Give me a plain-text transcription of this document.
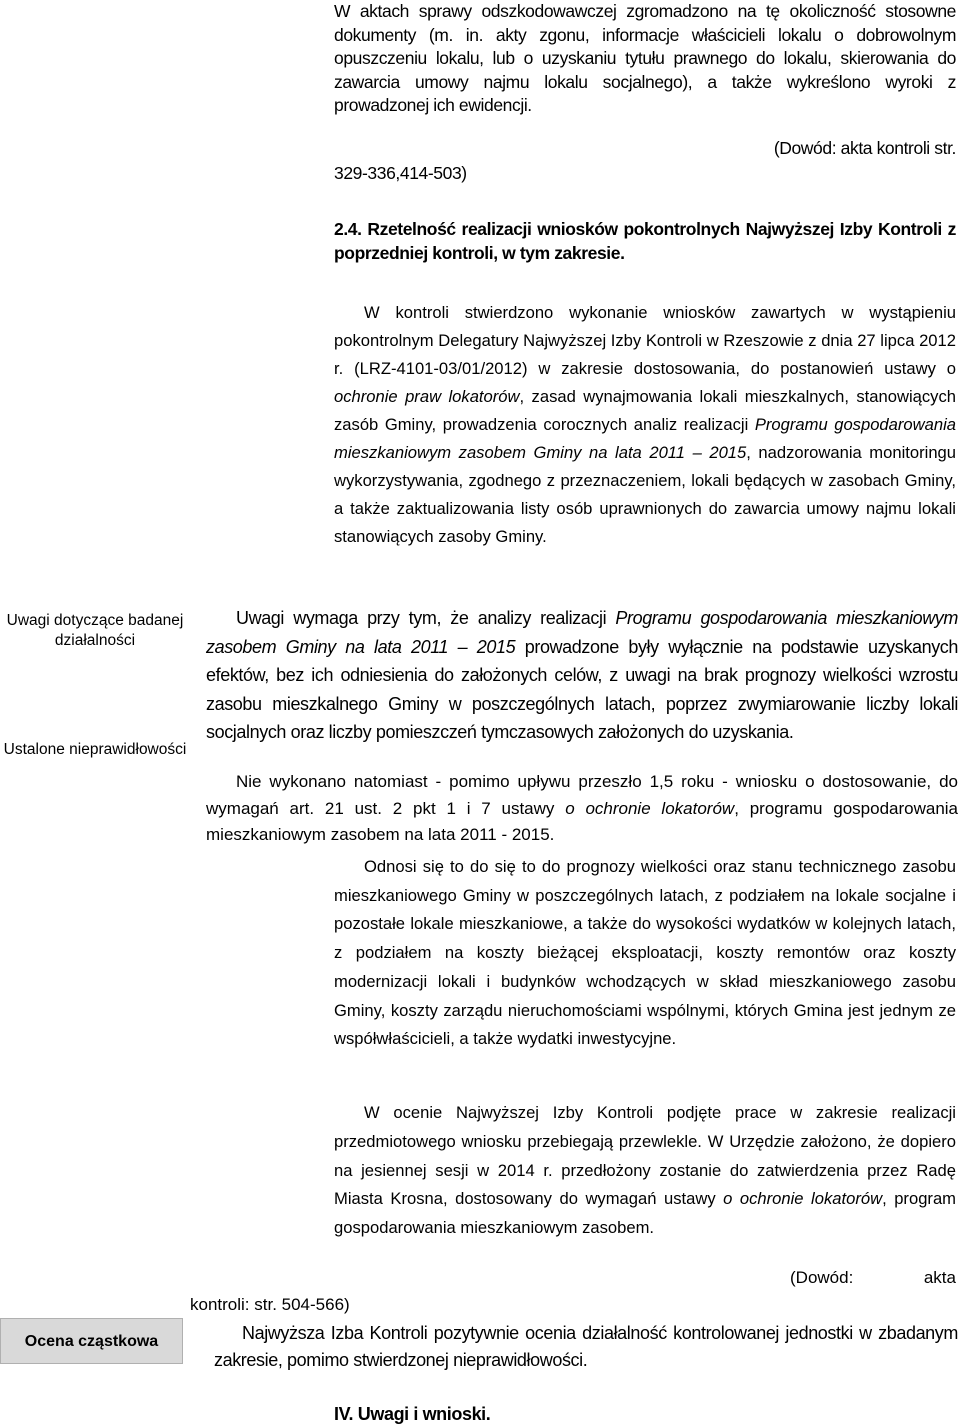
W aktach sprawy odszkodowawczej zgromadzono na tę okoliczność stosowne dokumenty (m. in. akty zgonu, informacje właścicieli lokalu o dobrowolnym opuszczeniu lokalu, lub o uzyskaniu tytułu prawnego do lokalu, skierowania do zawarcia umowy najmu lokalu socjalnego), a także wykreślono wyroki z prowadzonej ich ewidencji.
(Dowód: akta kontroli str.
329-336,414-503)
2.4. Rzetelność realizacji wniosków pokontrolnych Najwyższej Izby Kontroli z poprzedniej kontroli, w tym zakresie.
Uwagi dotyczące badanej działalności
Ustalone nieprawidłowości
Ocena cząstkowa
W kontroli stwierdzono wykonanie wniosków zawartych w wystąpieniu pokontrolnym Delegatury Najwyższej Izby Kontroli w Rzeszowie z dnia 27 lipca 2012 r. (LRZ-4101-03/01/2012) w zakresie dostosowania, do postanowień ustawy o ochronie praw lokatorów, zasad wynajmowania lokali mieszkalnych, stanowiących zasób Gminy, prowadzenia corocznych analiz realizacji Programu gospodarowania mieszkaniowym zasobem Gminy na lata 2011 – 2015, nadzorowania monitoringu wykorzystywania, zgodnego z przeznaczeniem, lokali będących w zasobach Gminy, a także zaktualizowania listy osób uprawnionych do zawarcia umowy najmu lokali stanowiących zasoby Gminy.
Uwagi wymaga przy tym, że analizy realizacji Programu gospodarowania mieszkaniowym zasobem Gminy na lata 2011 – 2015 prowadzone były wyłącznie na podstawie uzyskanych efektów, bez ich odniesienia do założonych celów, z uwagi na brak prognozy wielkości wzrostu zasobu mieszkalnego Gminy w poszczególnych latach, poprzez zwymiarowanie liczby lokali socjalnych oraz liczby pomieszczeń tymczasowych założonych do uzyskania.
Nie wykonano natomiast - pomimo upływu przeszło 1,5 roku - wniosku o dostosowanie, do wymagań art. 21 ust. 2 pkt 1 i 7 ustawy o ochronie lokatorów, programu gospodarowania mieszkaniowym zasobem na lata 2011 - 2015.
Odnosi się to do się to do prognozy wielkości oraz stanu technicznego zasobu mieszkaniowego Gminy w poszczególnych latach, z podziałem na lokale socjalne i pozostałe lokale mieszkaniowe, a także do wysokości wydatków w kolejnych latach, z podziałem na koszty bieżącej eksploatacji, koszty remontów oraz koszty modernizacji lokali i budynków wchodzących w skład mieszkaniowego zasobu Gminy, koszty zarządu nieruchomościami wspólnymi, których Gmina jest jednym ze współwłaścicieli, a także wydatki inwestycyjne.
W ocenie Najwyższej Izby Kontroli podjęte prace w zakresie realizacji przedmiotowego wniosku przebiegają przewlekle. W Urzędzie założono, że dopiero na jesiennej sesji w 2014 r. przedłożony zostanie do zatwierdzenia przez Radę Miasta Krosna, dostosowany do wymagań ustawy o ochronie lokatorów, program gospodarowania mieszkaniowym zasobem.
(Dowód: akta
kontroli: str. 504-566)
Najwyższa Izba Kontroli pozytywnie ocenia działalność kontrolowanej jednostki w zbadanym zakresie, pomimo stwierdzonej nieprawidłowości.
IV. Uwagi i wnioski.
